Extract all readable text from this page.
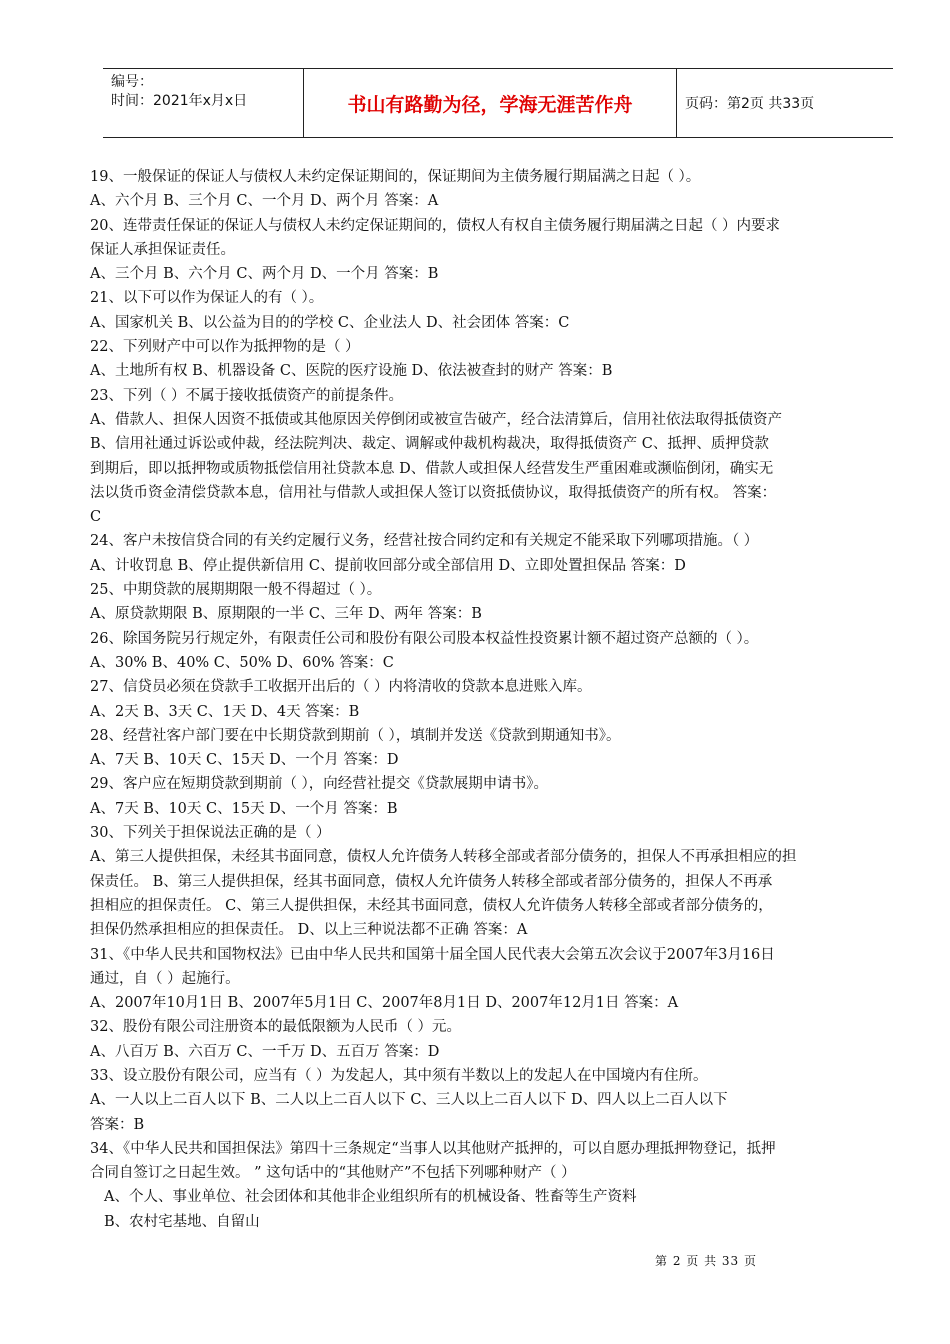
编号：
时间：2021年x月x日	书山有路勤为径，学海无涯苦作舟	页码：第2页 共33页

19、一般保证的保证人与债权人未约定保证期间的，保证期间为主债务履行期届满之日起（ ）。

A、六个月 B、三个月 C、一个月 D、两个月 答案：A

20、连带责任保证的保证人与债权人未约定保证期间的，债权人有权自主债务履行期届满之日起（ ）内要求

保证人承担保证责任。

A、三个月 B、六个月 C、两个月 D、一个月 答案：B

21、以下可以作为保证人的有（ ）。

A、国家机关 B、以公益为目的的学校 C、企业法人 D、社会团体 答案：C

22、下列财产中可以作为抵押物的是（ ）

A、土地所有权 B、机器设备 C、医院的医疗设施 D、依法被查封的财产 答案：B

23、下列（ ）不属于接收抵债资产的前提条件。

A、借款人、担保人因资不抵债或其他原因关停倒闭或被宣告破产，经合法清算后，信用社依法取得抵债资产

B、信用社通过诉讼或仲裁，经法院判决、裁定、调解或仲裁机构裁决，取得抵债资产 C、抵押、质押贷款

到期后，即以抵押物或质物抵偿信用社贷款本息 D、借款人或担保人经营发生严重困难或濒临倒闭，确实无

法以货币资金清偿贷款本息，信用社与借款人或担保人签订以资抵债协议，取得抵债资产的所有权。 答案：

C

24、客户未按信贷合同的有关约定履行义务，经营社按合同约定和有关规定不能采取下列哪项措施。（ ）

A、计收罚息 B、停止提供新信用 C、提前收回部分或全部信用 D、立即处置担保品 答案：D

25、中期贷款的展期期限一般不得超过（ ）。

A、原贷款期限 B、原期限的一半 C、三年 D、两年 答案：B

26、除国务院另行规定外，有限责任公司和股份有限公司股本权益性投资累计额不超过资产总额的（ ）。

A、30% B、40% C、50% D、60% 答案：C

27、信贷员必须在贷款手工收据开出后的（ ）内将清收的贷款本息进账入库。

A、2天 B、3天 C、1天 D、4天 答案：B

28、经营社客户部门要在中长期贷款到期前（ ），填制并发送《贷款到期通知书》。

A、7天 B、10天 C、15天 D、一个月 答案：D

29、客户应在短期贷款到期前（ ），向经营社提交《贷款展期申请书》。

A、7天 B、10天 C、15天 D、一个月 答案：B

30、下列关于担保说法正确的是（ ）

A、第三人提供担保，未经其书面同意，债权人允许债务人转移全部或者部分债务的，担保人不再承担相应的担

保责任。 B、第三人提供担保，经其书面同意，债权人允许债务人转移全部或者部分债务的，担保人不再承

担相应的担保责任。 C、第三人提供担保，未经其书面同意，债权人允许债务人转移全部或者部分债务的，

担保仍然承担相应的担保责任。 D、以上三种说法都不正确 答案：A

31、《中华人民共和国物权法》已由中华人民共和国第十届全国人民代表大会第五次会议于2007年3月16日

通过，自（ ）起施行。

A、2007年10月1日 B、2007年5月1日 C、2007年8月1日 D、2007年12月1日 答案：A

32、股份有限公司注册资本的最低限额为人民币（ ）元。

A、八百万 B、六百万 C、一千万 D、五百万 答案：D

33、设立股份有限公司，应当有（ ）为发起人，其中须有半数以上的发起人在中国境内有住所。

A、一人以上二百人以下 B、二人以上二百人以下 C、三人以上二百人以下 D、四人以上二百人以下

答案：B

34、《中华人民共和国担保法》第四十三条规定“当事人以其他财产抵押的，可以自愿办理抵押物登记，抵押

合同自签订之日起生效。 ” 这句话中的“其他财产”不包括下列哪种财产（ ）

A、个人、事业单位、社会团体和其他非企业组织所有的机械设备、牲畜等生产资料

B、农村宅基地、自留山

第 2 页 共 33 页
